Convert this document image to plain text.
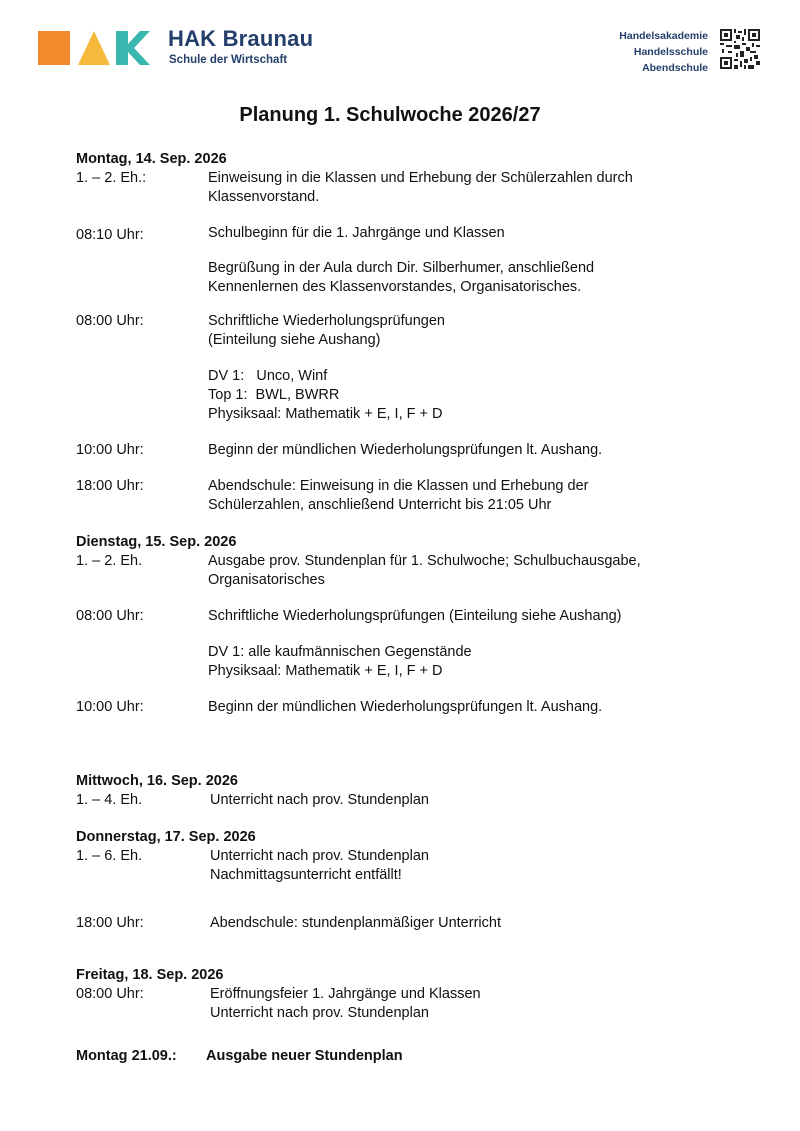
HAK Braunau
Schule der Wirtschaft
Handelsakademie
Handelsschule
Abendschule
Planung 1. Schulwoche 2026/27

Montag, 14. Sep. 2026

1. – 2. Eh.:	Einweisung in die Klassen und Erhebung der Schülerzahlen durch
Klassenvorstand.
08:10 Uhr:	Schulbeginn für die 1. Jahrgänge und Klassen
Begrüßung in der Aula durch Dir. Silberhumer, anschließend
Kennenlernen des Klassenvorstandes, Organisatorisches.
08:00 Uhr:	Schriftliche Wiederholungsprüfungen
(Einteilung siehe Aushang)
DV 1:   Unco, Winf
Top 1:  BWL, BWRR
Physiksaal: Mathematik + E, I, F + D
10:00 Uhr:	Beginn der mündlichen Wiederholungsprüfungen lt. Aushang.
18:00 Uhr:	Abendschule: Einweisung in die Klassen und Erhebung der
Schülerzahlen, anschließend Unterricht bis 21:05 Uhr

Dienstag, 15. Sep. 2026

1. – 2. Eh.	Ausgabe prov. Stundenplan für 1. Schulwoche; Schulbuchausgabe,
Organisatorisches
08:00 Uhr:	Schriftliche Wiederholungsprüfungen (Einteilung siehe Aushang)
DV 1: alle kaufmännischen Gegenstände
Physiksaal: Mathematik + E, I, F + D
10:00 Uhr:	Beginn der mündlichen Wiederholungsprüfungen lt. Aushang.

Mittwoch, 16. Sep. 2026

1. – 4. Eh.	Unterricht nach prov. Stundenplan

Donnerstag, 17. Sep. 2026

1. – 6. Eh.	Unterricht nach prov. Stundenplan
Nachmittagsunterricht entfällt!
18:00 Uhr:	Abendschule: stundenplanmäßiger Unterricht

Freitag, 18. Sep. 2026

08:00 Uhr:	Eröffnungsfeier 1. Jahrgänge und Klassen
Unterricht nach prov. Stundenplan
Montag 21.09.:	Ausgabe neuer Stundenplan
